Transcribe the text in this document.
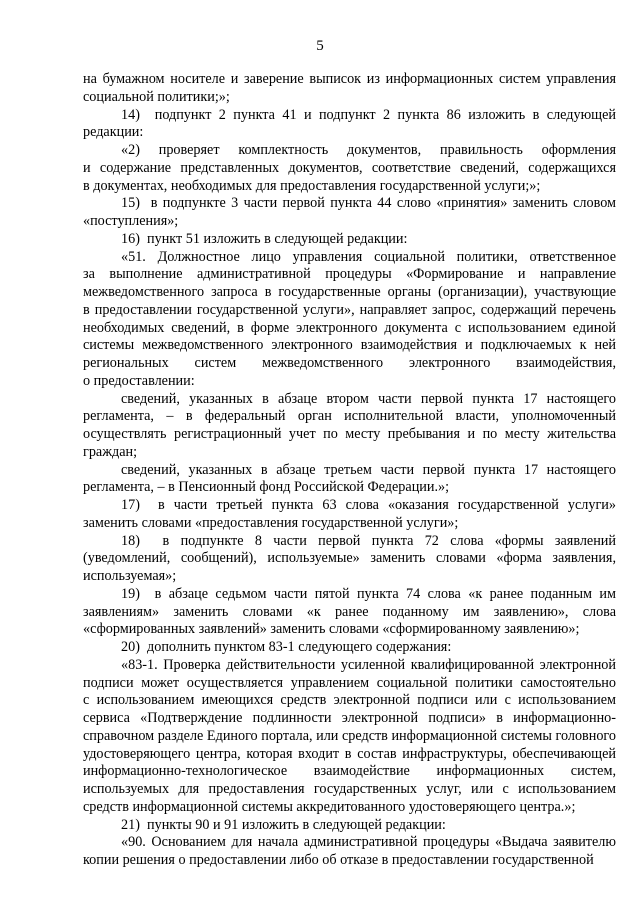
5

на бумажном носителе и заверение выписок из информационных систем управления социальной политики;»;

14)  подпункт 2 пункта 41 и подпункт 2 пункта 86 изложить в следующей редакции:

«2) проверяет комплектность документов, правильность оформления и содержание представленных документов, соответствие сведений, содержащихся в документах, необходимых для предоставления государственной услуги;»;

15)  в подпункте 3 части первой пункта 44 слово «принятия» заменить словом «поступления»;

16)  пункт 51 изложить в следующей редакции:

«51. Должностное лицо управления социальной политики, ответственное за выполнение административной процедуры «Формирование и направление межведомственного запроса в государственные органы (организации), участвующие в предоставлении государственной услуги», направляет запрос, содержащий перечень необходимых сведений, в форме электронного документа с использованием единой системы межведомственного электронного взаимодействия и подключаемых к ней региональных систем межведомственного электронного взаимодействия, о предоставлении:

сведений, указанных в абзаце втором части первой пункта 17 настоящего регламента, – в федеральный орган исполнительной власти, уполномоченный осуществлять регистрационный учет по месту пребывания и по месту жительства граждан;

сведений, указанных в абзаце третьем части первой пункта 17 настоящего регламента, – в Пенсионный фонд Российской Федерации.»;

17)  в части третьей пункта 63 слова «оказания государственной услуги» заменить словами «предоставления государственной услуги»;

18)  в подпункте 8 части первой пункта 72 слова «формы заявлений (уведомлений, сообщений), используемые» заменить словами «форма заявления, используемая»;

19)  в абзаце седьмом части пятой пункта 74 слова «к ранее поданным им заявлениям» заменить словами «к ранее поданному им заявлению», слова «сформированных заявлений» заменить словами «сформированному заявлению»;

20)  дополнить пунктом 83-1 следующего содержания:

«83-1. Проверка действительности усиленной квалифицированной электронной подписи может осуществляется управлением социальной политики самостоятельно с использованием имеющихся средств электронной подписи или с использованием сервиса «Подтверждение подлинности электронной подписи» в информационно-справочном разделе Единого портала, или средств информационной системы головного удостоверяющего центра, которая входит в состав инфраструктуры, обеспечивающей информационно-технологическое взаимодействие информационных систем, используемых для предоставления государственных услуг, или с использованием средств информационной системы аккредитованного удостоверяющего центра.»;

21)  пункты 90 и 91 изложить в следующей редакции:

«90. Основанием для начала административной процедуры «Выдача заявителю копии решения о предоставлении либо об отказе в предоставлении государственной
